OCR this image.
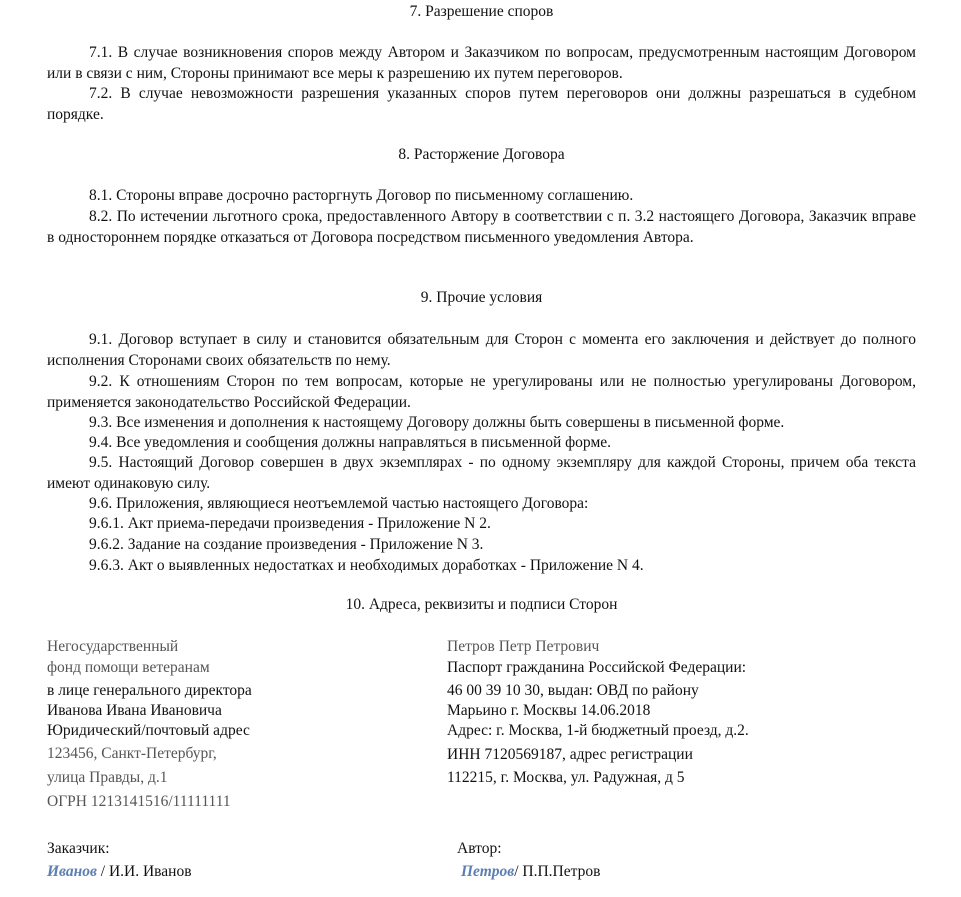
7. Разрешение споров
7.1. В случае возникновения споров между Автором и Заказчиком по вопросам, предусмотренным настоящим Договором или в связи с ним, Стороны принимают все меры к разрешению их путем переговоров.
7.2. В случае невозможности разрешения указанных споров путем переговоров они должны разрешаться в судебном порядке.
8. Расторжение Договора
8.1. Стороны вправе досрочно расторгнуть Договор по письменному соглашению.
8.2. По истечении льготного срока, предоставленного Автору в соответствии с п. 3.2 настоящего Договора, Заказчик вправе в одностороннем порядке отказаться от Договора посредством письменного уведомления Автора.
9. Прочие условия
9.1. Договор вступает в силу и становится обязательным для Сторон с момента его заключения и действует до полного исполнения Сторонами своих обязательств по нему.
9.2. К отношениям Сторон по тем вопросам, которые не урегулированы или не полностью урегулированы Договором, применяется законодательство Российской Федерации.
9.3. Все изменения и дополнения к настоящему Договору должны быть совершены в письменной форме.
9.4. Все уведомления и сообщения должны направляться в письменной форме.
9.5. Настоящий Договор совершен в двух экземплярах - по одному экземпляру для каждой Стороны, причем оба текста имеют одинаковую силу.
9.6. Приложения, являющиеся неотъемлемой частью настоящего Договора:
9.6.1. Акт приема-передачи произведения - Приложение N 2.
9.6.2. Задание на создание произведения - Приложение N 3.
9.6.3. Акт о выявленных недостатках и необходимых доработках - Приложение N 4.
10. Адреса, реквизиты и подписи Сторон
Негосударственный
фонд помощи ветеранам
в лице генерального директора
Иванова Ивана Ивановича
Юридический/почтовый адрес
123456, Санкт-Петербург,
улица Правды, д.1
ОГРН 1213141516/11111111
Петров Петр Петрович
Паспорт гражданина Российской Федерации:
46 00 39 10 30, выдан: ОВД по району
Марьино г. Москвы 14.06.2018
Адрес: г. Москва, 1-й бюджетный проезд, д.2.
ИНН 7120569187, адрес регистрации
112215, г. Москва, ул. Радужная, д 5
Заказчик:
Иванов / И.И. Иванов
Автор:
Петров/ П.П.Петров
